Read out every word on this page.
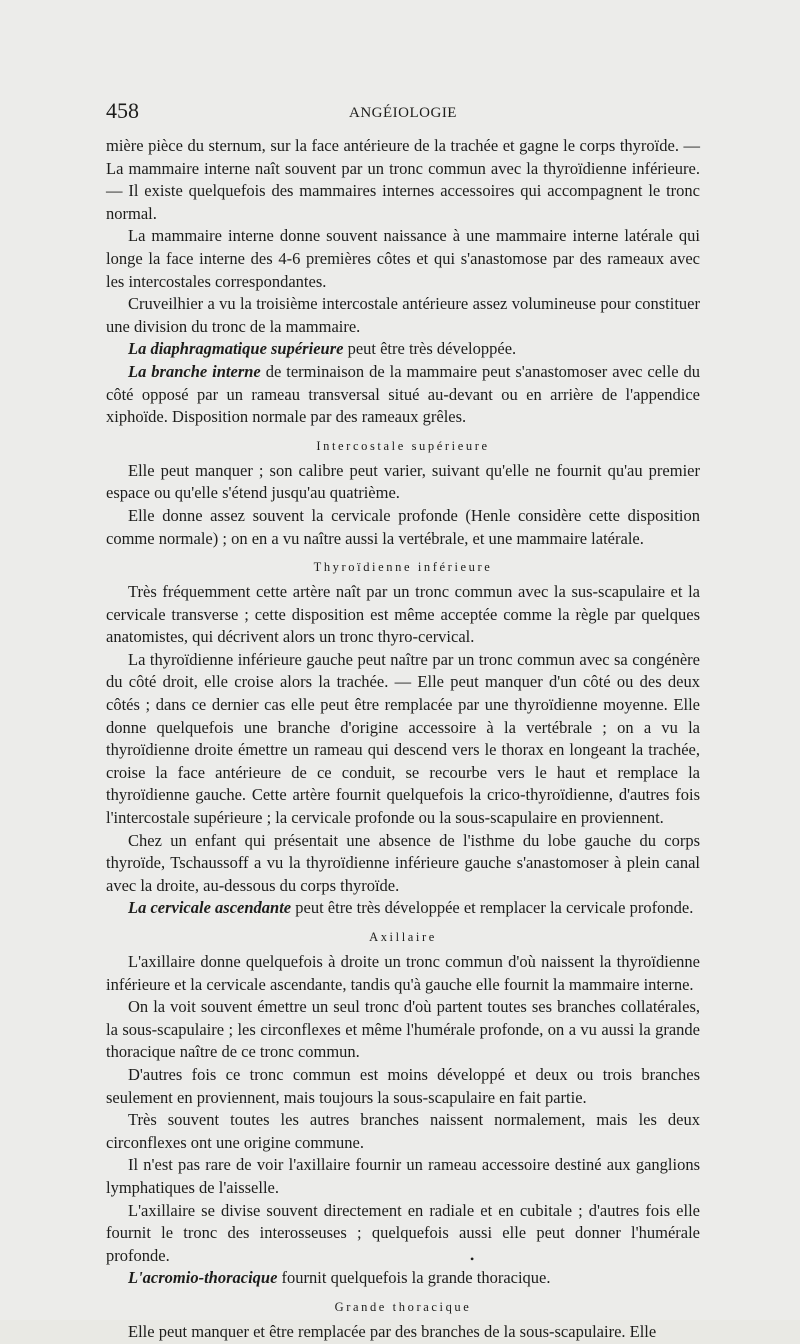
458	ANGÉIOLOGIE

mière pièce du sternum, sur la face antérieure de la trachée et gagne le corps thyroïde. — La mammaire interne naît souvent par un tronc commun avec la thyroïdienne inférieure. — Il existe quelquefois des mammaires internes accessoires qui accompagnent le tronc normal.

La mammaire interne donne souvent naissance à une mammaire interne latérale qui longe la face interne des 4-6 premières côtes et qui s'anastomose par des rameaux avec les intercostales correspondantes.

Cruveilhier a vu la troisième intercostale antérieure assez volumineuse pour constituer une division du tronc de la mammaire.

La diaphragmatique supérieure peut être très développée.

La branche interne de terminaison de la mammaire peut s'anastomoser avec celle du côté opposé par un rameau transversal situé au-devant ou en arrière de l'appendice xiphoïde. Disposition normale par des rameaux grêles.

Intercostale supérieure

Elle peut manquer ; son calibre peut varier, suivant qu'elle ne fournit qu'au premier espace ou qu'elle s'étend jusqu'au quatrième.

Elle donne assez souvent la cervicale profonde (Henle considère cette disposition comme normale) ; on en a vu naître aussi la vertébrale, et une mammaire latérale.

Thyroïdienne inférieure

Très fréquemment cette artère naît par un tronc commun avec la sus-scapulaire et la cervicale transverse ; cette disposition est même acceptée comme la règle par quelques anatomistes, qui décrivent alors un tronc thyro-cervical.

La thyroïdienne inférieure gauche peut naître par un tronc commun avec sa congénère du côté droit, elle croise alors la trachée. — Elle peut manquer d'un côté ou des deux côtés ; dans ce dernier cas elle peut être remplacée par une thyroïdienne moyenne. Elle donne quelquefois une branche d'origine accessoire à la vertébrale ; on a vu la thyroïdienne droite émettre un rameau qui descend vers le thorax en longeant la trachée, croise la face antérieure de ce conduit, se recourbe vers le haut et remplace la thyroïdienne gauche. Cette artère fournit quelquefois la crico-thyroïdienne, d'autres fois l'intercostale supérieure ; la cervicale profonde ou la sous-scapulaire en proviennent.

Chez un enfant qui présentait une absence de l'isthme du lobe gauche du corps thyroïde, Tschaussoff a vu la thyroïdienne inférieure gauche s'anastomoser à plein canal avec la droite, au-dessous du corps thyroïde.

La cervicale ascendante peut être très développée et remplacer la cervicale profonde.

Axillaire

L'axillaire donne quelquefois à droite un tronc commun d'où naissent la thyroïdienne inférieure et la cervicale ascendante, tandis qu'à gauche elle fournit la mammaire interne.

On la voit souvent émettre un seul tronc d'où partent toutes ses branches collatérales, la sous-scapulaire ; les circonflexes et même l'humérale profonde, on a vu aussi la grande thoracique naître de ce tronc commun.

D'autres fois ce tronc commun est moins développé et deux ou trois branches seulement en proviennent, mais toujours la sous-scapulaire en fait partie.

Très souvent toutes les autres branches naissent normalement, mais les deux circonflexes ont une origine commune.

Il n'est pas rare de voir l'axillaire fournir un rameau accessoire destiné aux ganglions lymphatiques de l'aisselle.

L'axillaire se divise souvent directement en radiale et en cubitale ; d'autres fois elle fournit le tronc des interosseuses ; quelquefois aussi elle peut donner l'humérale profonde.

L'acromio-thoracique fournit quelquefois la grande thoracique.

Grande thoracique

Elle peut manquer et être remplacée par des branches de la sous-scapulaire. Elle

•
